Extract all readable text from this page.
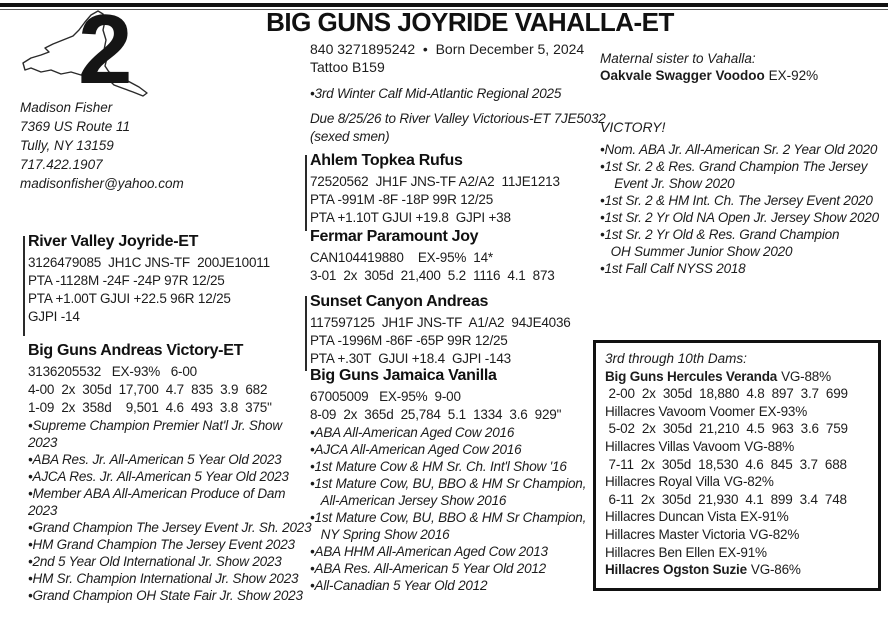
2
Madison Fisher
7369 US Route 11
Tully, NY 13159
717.422.1907
madisonfisher@yahoo.com
BIG GUNS JOYRIDE VAHALLA-ET
840 3271895242  •  Born December 5, 2024
Tattoo B159
•3rd Winter Calf Mid-Atlantic Regional 2025
Due 8/25/26 to River Valley Victorious-ET 7JE5032
(sexed smen)
River Valley Joyride-ET
3126479085  JH1C JNS-TF  200JE10011
PTA -1128M -24F -24P 97R 12/25
PTA +1.00T GJUI +22.5 96R 12/25
GJPI -14
Big Guns Andreas Victory-ET
3136205532   EX-93%   6-00
4-00  2x  305d  17,700  4.7  835  3.9  682
1-09  2x  358d    9,501  4.6  493  3.8  375"
•Supreme Champion Premier Nat'l Jr. Show 2023
•ABA Res. Jr. All-American 5 Year Old 2023
•AJCA Res. Jr. All-American 5 Year Old 2023
•Member ABA All-American Produce of Dam 2023
•Grand Champion The Jersey Event Jr. Sh. 2023
•HM Grand Champion The Jersey Event 2023
•2nd 5 Year Old International Jr. Show 2023
•HM Sr. Champion International Jr. Show 2023
•Grand Champion OH State Fair Jr. Show 2023
Ahlem Topkea Rufus
72520562  JH1F JNS-TF A2/A2  11JE1213
PTA -991M -8F -18P 99R 12/25
PTA +1.10T GJUI +19.8  GJPI +38
Fermar Paramount Joy
CAN104419880    EX-95%  14*
3-01  2x  305d  21,400  5.2  1116  4.1  873
Sunset Canyon Andreas
117597125  JH1F JNS-TF  A1/A2  94JE4036
PTA -1996M -86F -65P 99R 12/25
PTA +.30T  GJUI +18.4  GJPI -143
Big Guns Jamaica Vanilla
67005009   EX-95%  9-00
8-09  2x  365d  25,784  5.1  1334  3.6  929"
•ABA All-American Aged Cow 2016
•AJCA All-American Aged Cow 2016
•1st Mature Cow & HM Sr. Ch. Int'l Show '16
•1st Mature Cow, BU, BBO & HM Sr Champion,
All-American Jersey Show 2016
•1st Mature Cow, BU, BBO & HM Sr Champion,
NY Spring Show 2016
•ABA HHM All-American Aged Cow 2013
•ABA Res. All-American 5 Year Old 2012
•All-Canadian 5 Year Old 2012
Maternal sister to Vahalla:
Oakvale Swagger Voodoo EX-92%
VICTORY!
•Nom. ABA Jr. All-American Sr. 2 Year Old 2020
•1st Sr. 2 & Res. Grand Champion The Jersey
Event Jr. Show 2020
•1st Sr. 2 & HM Int. Ch. The Jersey Event 2020
•1st Sr. 2 Yr Old NA Open Jr. Jersey Show 2020
•1st Sr. 2 Yr Old & Res. Grand Champion
OH Summer Junior Show 2020
•1st Fall Calf NYSS 2018
3rd through 10th Dams:
Big Guns Hercules Veranda VG-88%
2-00  2x  305d  18,880  4.8  897  3.7  699
Hillacres Vavoom Voomer EX-93%
5-02  2x  305d  21,210  4.5  963  3.6  759
Hillacres Villas Vavoom VG-88%
7-11  2x  305d  18,530  4.6  845  3.7  688
Hillacres Royal Villa VG-82%
6-11  2x  305d  21,930  4.1  899  3.4  748
Hillacres Duncan Vista EX-91%
Hillacres Master Victoria VG-82%
Hillacres Ben Ellen EX-91%
Hillacres Ogston Suzie VG-86%
